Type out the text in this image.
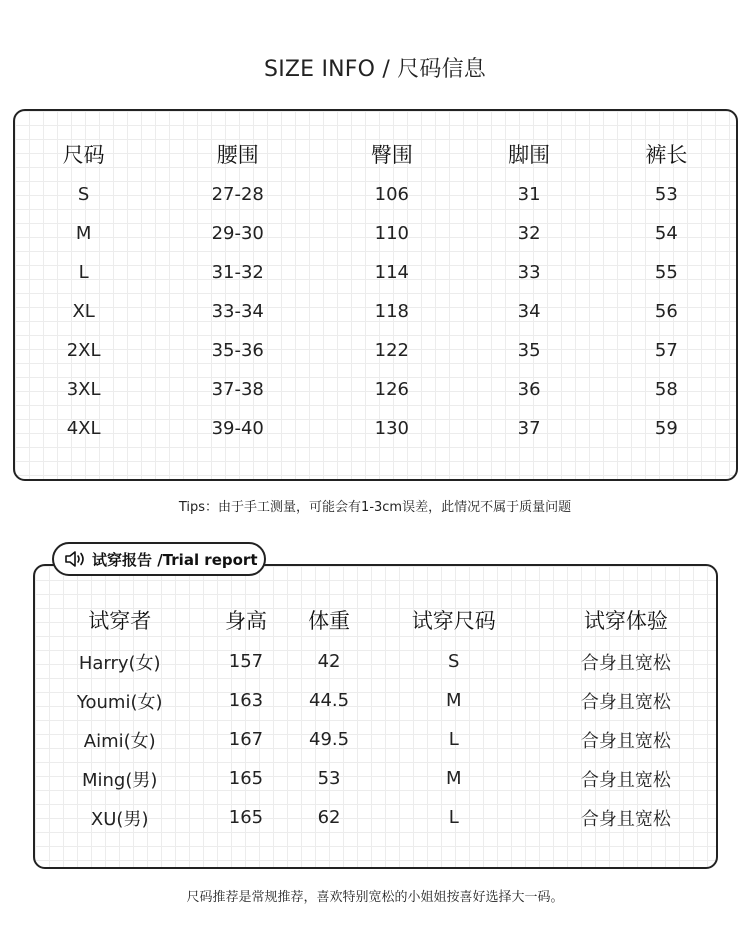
SIZE INFO / 尺码信息
尺码	腰围	臀围	脚围	裤长
S	27-28	106	31	53
M	29-30	110	32	54
L	31-32	114	33	55
XL	33-34	118	34	56
2XL	35-36	122	35	57
3XL	37-38	126	36	58
4XL	39-40	130	37	59
Tips：由于手工测量，可能会有1-3cm误差，此情况不属于质量问题
试穿者	身高	体重	试穿尺码	试穿体验
Harry(女)	157	42	S	合身且宽松
Youmi(女)	163	44.5	M	合身且宽松
Aimi(女)	167	49.5	L	合身且宽松
Ming(男)	165	53	M	合身且宽松
XU(男)	165	62	L	合身且宽松
试穿报告 /Trial report
尺码推荐是常规推荐，喜欢特别宽松的小姐姐按喜好选择大一码。
